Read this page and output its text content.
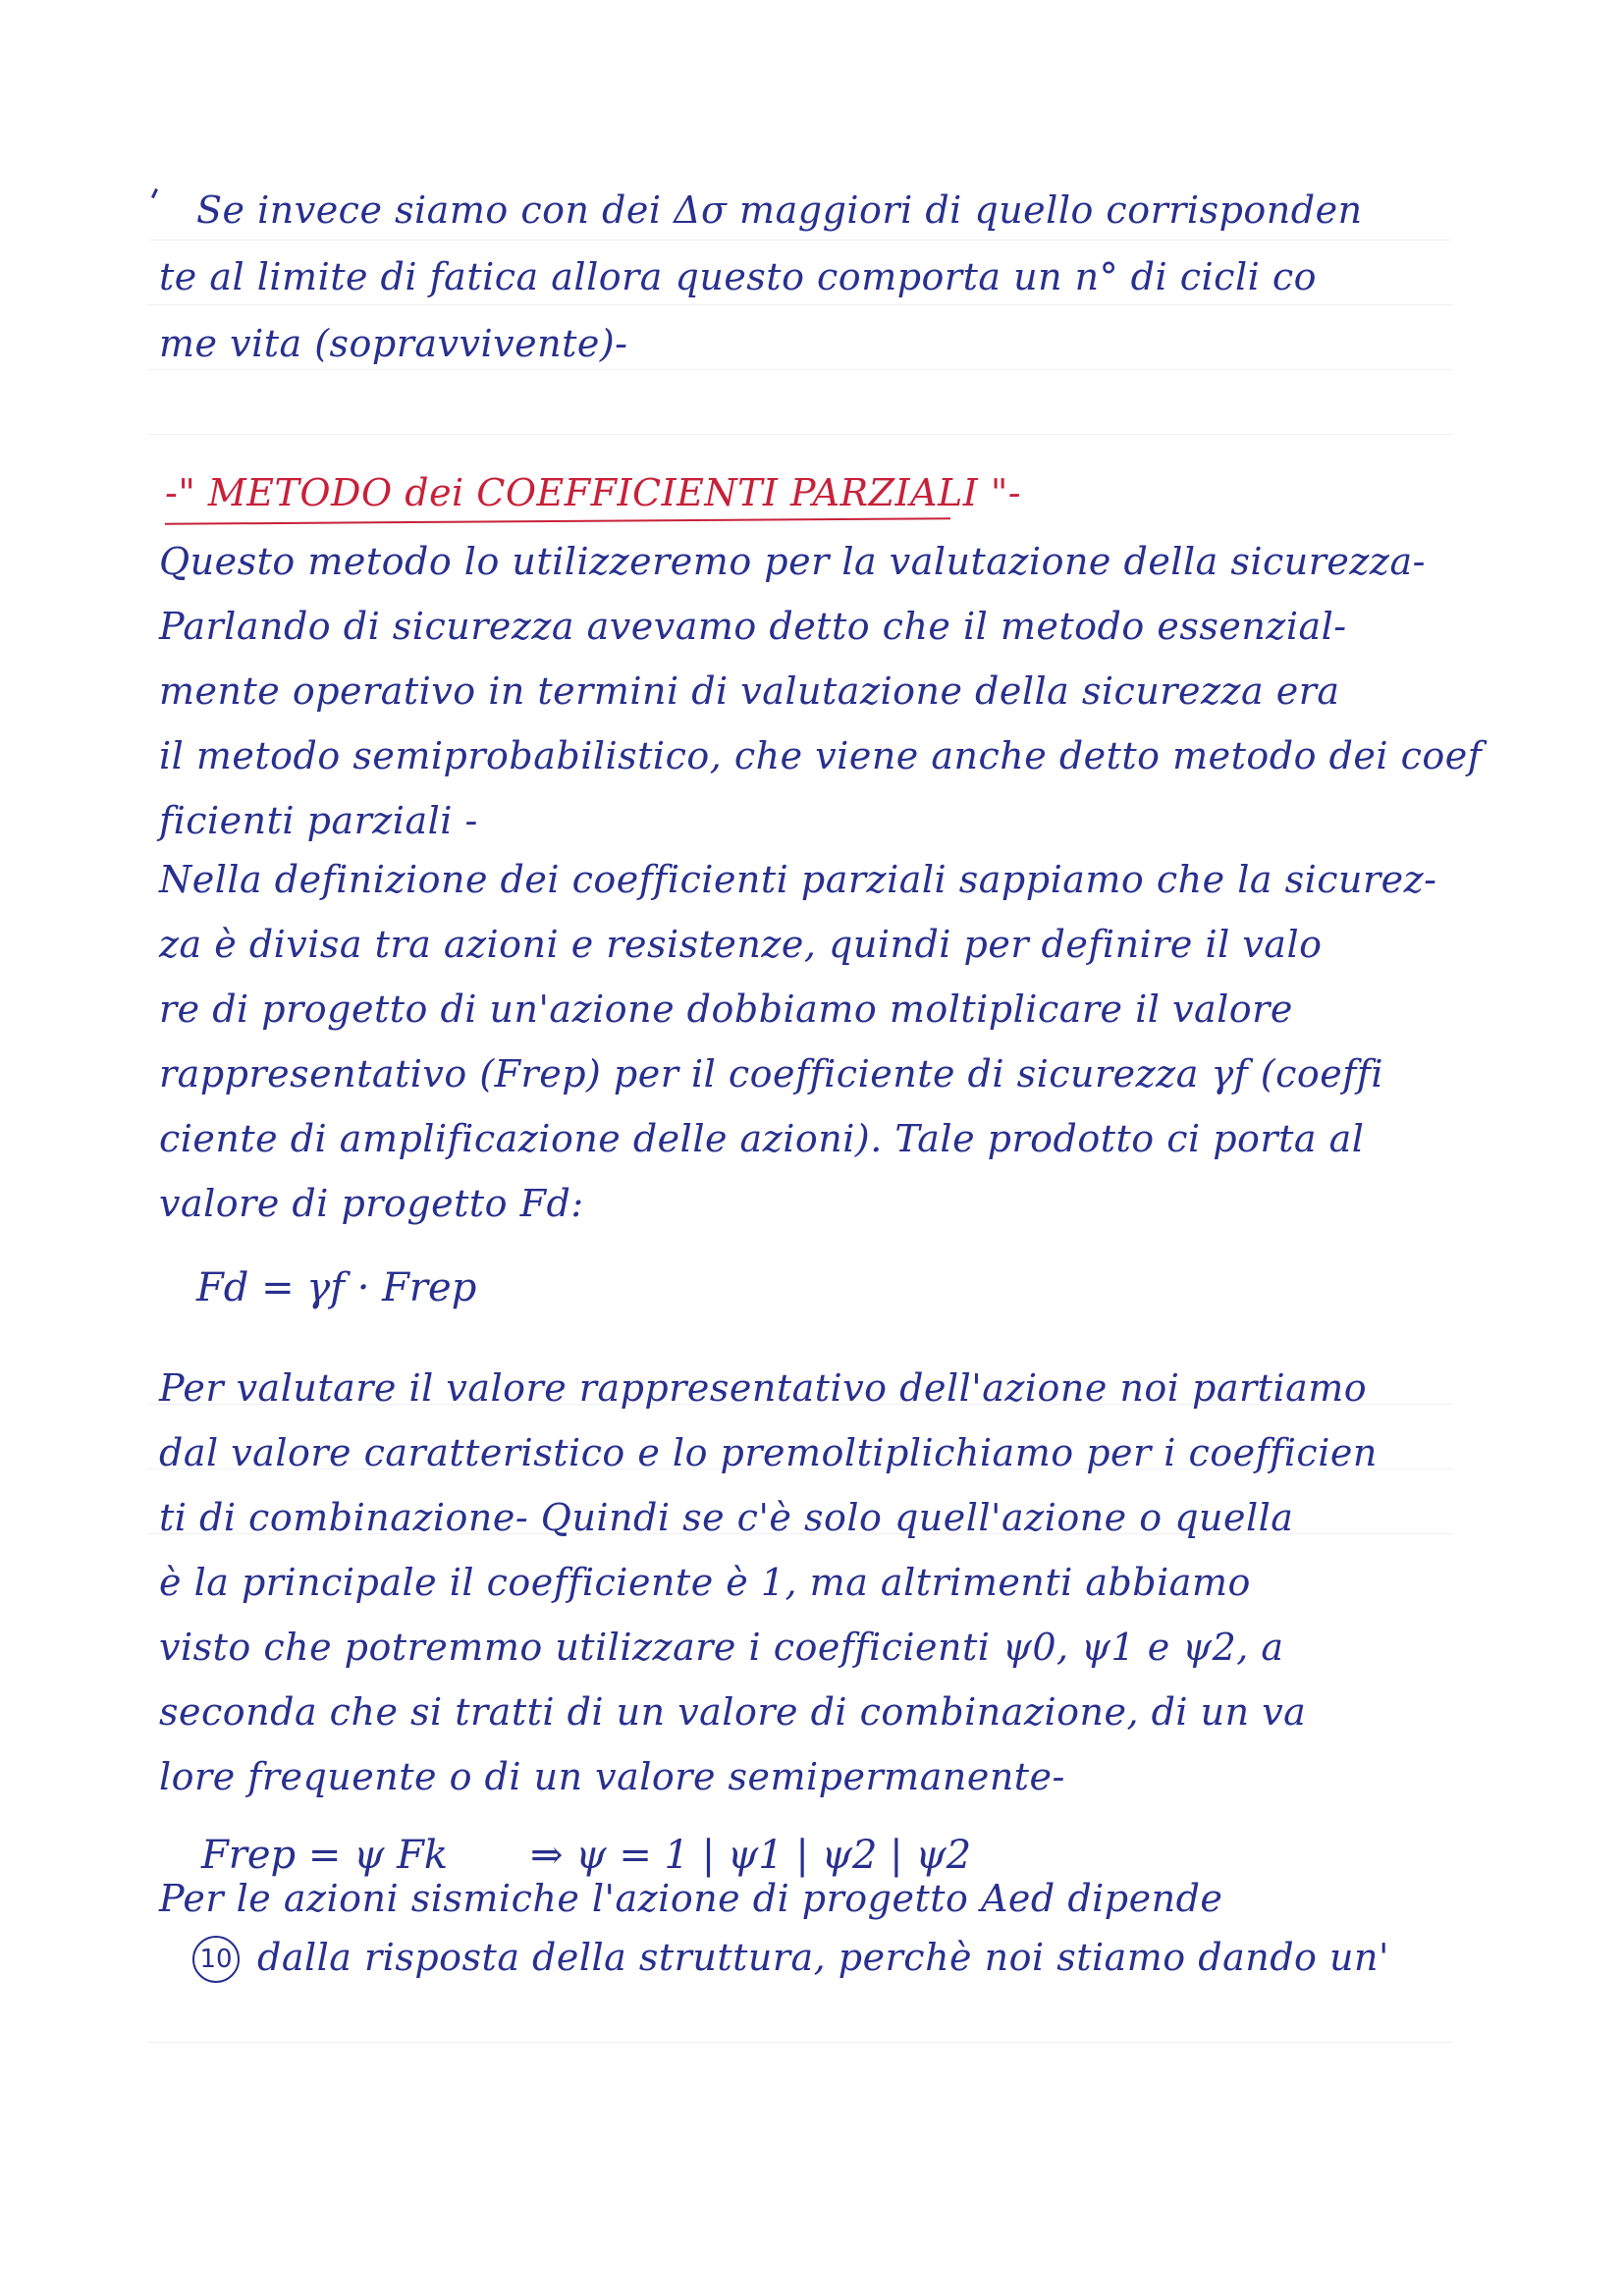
Se invece siamo con dei Δσ maggiori di quello corrisponden
te al limite di fatica allora questo comporta un n° di cicli co
me vita (sopravvivente)-
-" METODO dei COEFFICIENTI PARZIALI "-
Questo metodo lo utilizzeremo per la valutazione della sicurezza-
Parlando di sicurezza avevamo detto che il metodo essenzial-
mente operativo in termini di valutazione della sicurezza era
il metodo semiprobabilistico, che viene anche detto metodo dei coef
ficienti parziali -
Nella definizione dei coefficienti parziali sappiamo che la sicurez-
za è divisa tra azioni e resistenze, quindi per definire il valo
re di progetto di un'azione dobbiamo moltiplicare il valore
rappresentativo (Frep) per il coefficiente di sicurezza γf (coeffi
ciente di amplificazione delle azioni). Tale prodotto ci porta al
valore di progetto Fd:
Fd = γf · Frep
Per valutare il valore rappresentativo dell'azione noi partiamo
dal valore caratteristico e lo premoltiplichiamo per i coefficien
ti di combinazione- Quindi se c'è solo quell'azione o quella
è la principale il coefficiente è 1, ma altrimenti abbiamo
visto che potremmo utilizzare i coefficienti ψ0, ψ1 e ψ2, a
seconda che si tratti di un valore di combinazione, di un va
lore frequente o di un valore semipermanente-
Frep = ψ Fk ⇒ ψ = 1 | ψ1 | ψ2 | ψ2
Per le azioni sismiche l'azione di progetto Aed dipende
dalla risposta della struttura, perchè noi stiamo dando un'
10
